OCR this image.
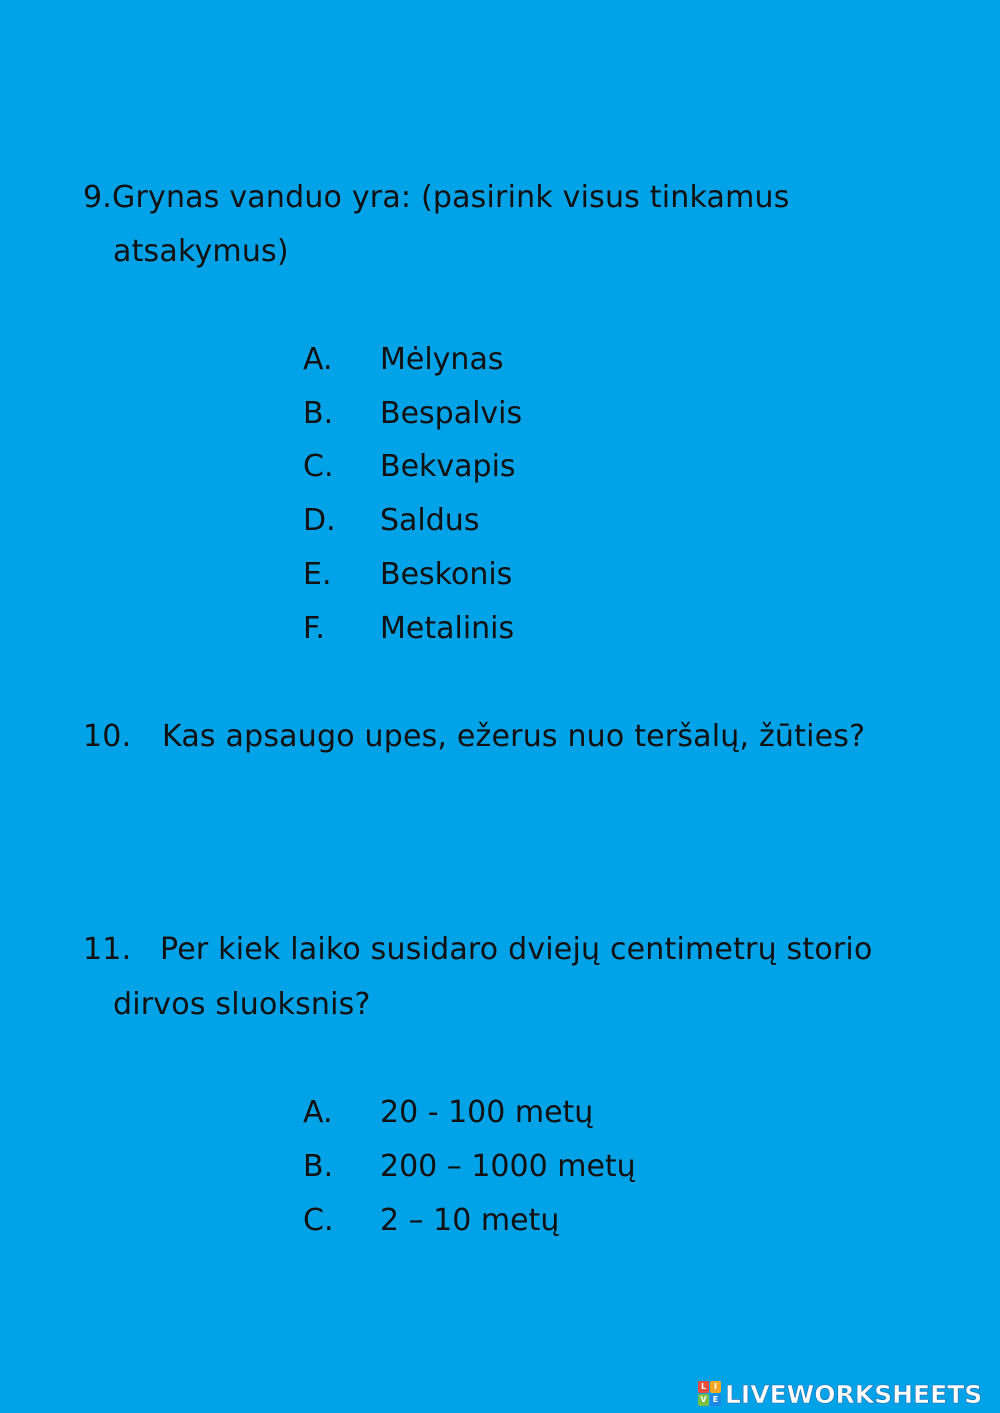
9.Grynas vanduo yra: (pasirink visus tinkamus
atsakymus)
A. Mėlynas
B. Bespalvis
C. Bekvapis
D. Saldus
E. Beskonis
F. Metalinis
10. Kas apsaugo upes, ežerus nuo teršalų, žūties?
11. Per kiek laiko susidaro dviejų centimetrų storio
dirvos sluoksnis?
A. 20 - 100 metų
B. 200 – 1000 metų
C. 2 – 10 metų
L I
V E LIVEWORKSHEETS
